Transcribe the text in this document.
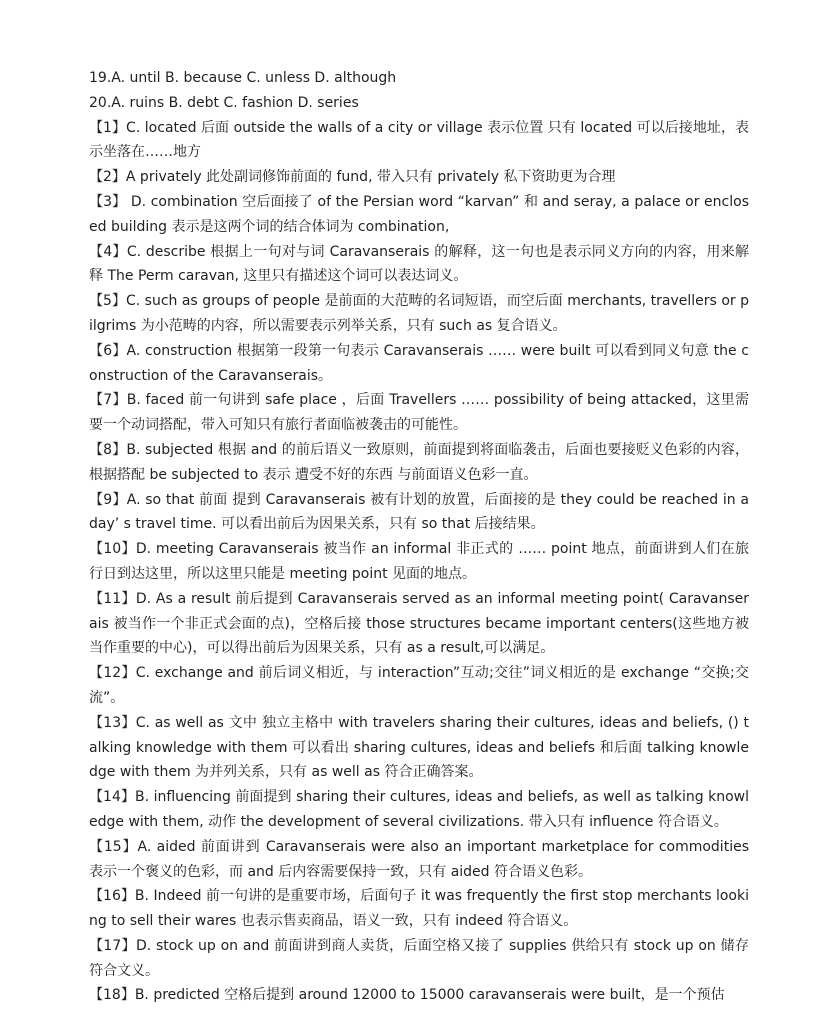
19.A. until B. because C. unless D. although

20.A. ruins B. debt C. fashion D. series

【1】C. located 后面 outside the walls of a city or village 表示位置 只有 located 可以后接地址，表示坐落在……地方

【2】A privately 此处副词修饰前面的 fund, 带入只有 privately 私下资助更为合理

【3】 D. combination 空后面接了 of the Persian word “karvan” 和 and seray, a palace or enclosed building 表示是这两个词的结合体词为 combination,

【4】C. describe 根据上一句对与词 Caravanserais 的解释，这一句也是表示同义方向的内容，用来解释 The Perm caravan, 这里只有描述这个词可以表达词义。

【5】C. such as groups of people 是前面的大范畴的名词短语，而空后面 merchants, travellers or pilgrims 为小范畴的内容，所以需要表示列举关系，只有 such as 复合语义。

【6】A. construction 根据第一段第一句表示 Caravanserais …… were built 可以看到同义句意 the construction of the Caravanserais。

【7】B. faced 前一句讲到 safe place ，后面 Travellers …… possibility of being attacked，这里需要一个动词搭配，带入可知只有旅行者面临被袭击的可能性。

【8】B. subjected 根据 and 的前后语义一致原则，前面提到将面临袭击，后面也要接贬义色彩的内容，根据搭配 be subjected to 表示 遭受不好的东西 与前面语义色彩一直。

【9】A. so that 前面 提到 Caravanserais 被有计划的放置，后面接的是 they could be reached in a day’ s travel time. 可以看出前后为因果关系，只有 so that 后接结果。

【10】D. meeting Caravanserais 被当作 an informal 非正式的 …… point 地点，前面讲到人们在旅行日到达这里，所以这里只能是 meeting point 见面的地点。

【11】D. As a result 前后提到 Caravanserais served as an informal meeting point( Caravanserais 被当作一个非正式会面的点)，空格后接 those structures became important centers(这些地方被当作重要的中心)，可以得出前后为因果关系，只有 as a result,可以满足。

【12】C. exchange and 前后词义相近，与 interaction”互动;交往”词义相近的是 exchange “交换;交流”。

【13】C. as well as 文中 独立主格中 with travelers sharing their cultures, ideas and beliefs, () talking knowledge with them 可以看出 sharing cultures, ideas and beliefs 和后面 talking knowledge with them 为并列关系，只有 as well as 符合正确答案。

【14】B. influencing 前面提到 sharing their cultures, ideas and beliefs, as well as talking knowledge with them, 动作 the development of several civilizations. 带入只有 influence 符合语义。

【15】A. aided 前面讲到 Caravanserais were also an important marketplace for commodities 表示一个褒义的色彩，而 and 后内容需要保持一致，只有 aided 符合语义色彩。

【16】B. Indeed 前一句讲的是重要市场，后面句子 it was frequently the first stop merchants looking to sell their wares 也表示售卖商品，语义一致，只有 indeed 符合语义。

【17】D. stock up on and 前面讲到商人卖货，后面空格又接了 supplies 供给只有 stock up on 储存符合文义。

【18】B. predicted 空格后提到 around 12000 to 15000 caravanserais were built，是一个预估
